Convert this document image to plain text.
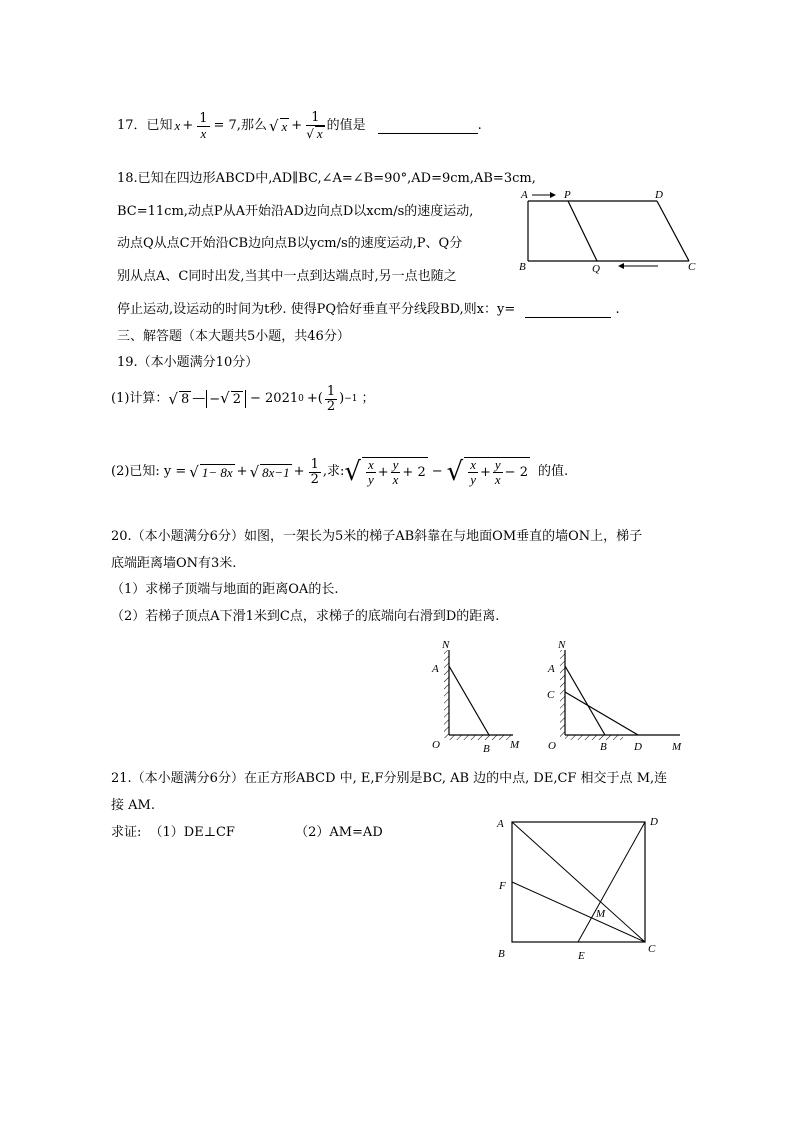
17．已知 $x + \frac{1}{x} = 7$,那么 √ $x + \frac{1}{√ x}$ 的值是	.
18.已知在四边形ABCD中,AD∥BC,∠A=∠B=90°,AD=9cm,AB=3cm,
BC=11cm,动点P从A开始沿AD边向点D以xcm/s的速度运动,
动点Q从点C开始沿CB边向点B以ycm/s的速度运动,P、Q分
别从点A、C同时出发,当其中一点到达端点时,另一点也随之
停止运动,设运动的时间为t秒. 使得PQ恰好垂直平分线段BD,则x：y=	.
A	P	D
B	Q	C
三、解答题（本大题共5小题，共46分）
19.（本小题满分10分）
(1)计算： √ 8 — −√ 2 − 2021 0 +( $\frac{1}{2}$ ) −1 ；
(2)已知: y = √ 1− 8x + √ $8x-1 + \frac{1}{2}$ ,求: √ $\frac{x}{y} + \frac{y}{x} + 2$ − √ $\frac{x}{y} + \frac{y}{x} - 2$ 的值.
20.（本小题满分6分）如图，一架长为5米的梯子AB斜靠在与地面OM垂直的墙ON上，梯子
底端距离墙ON有3米.
（1）求梯子顶端与地面的距离OA的长.
（2）若梯子顶点A下滑1米到C点，求梯子的底端向右滑到D的距离.
N
A
O	B M
N
A
C
O	B D	M
21.（本小题满分6分）在正方形ABCD 中, E,F分别是BC, AB 边的中点, DE,CF 相交于点 M,连
接 AM.
求证: （1）DE⊥CF	（2）AM=AD
A	D
F
M
B	E
C
